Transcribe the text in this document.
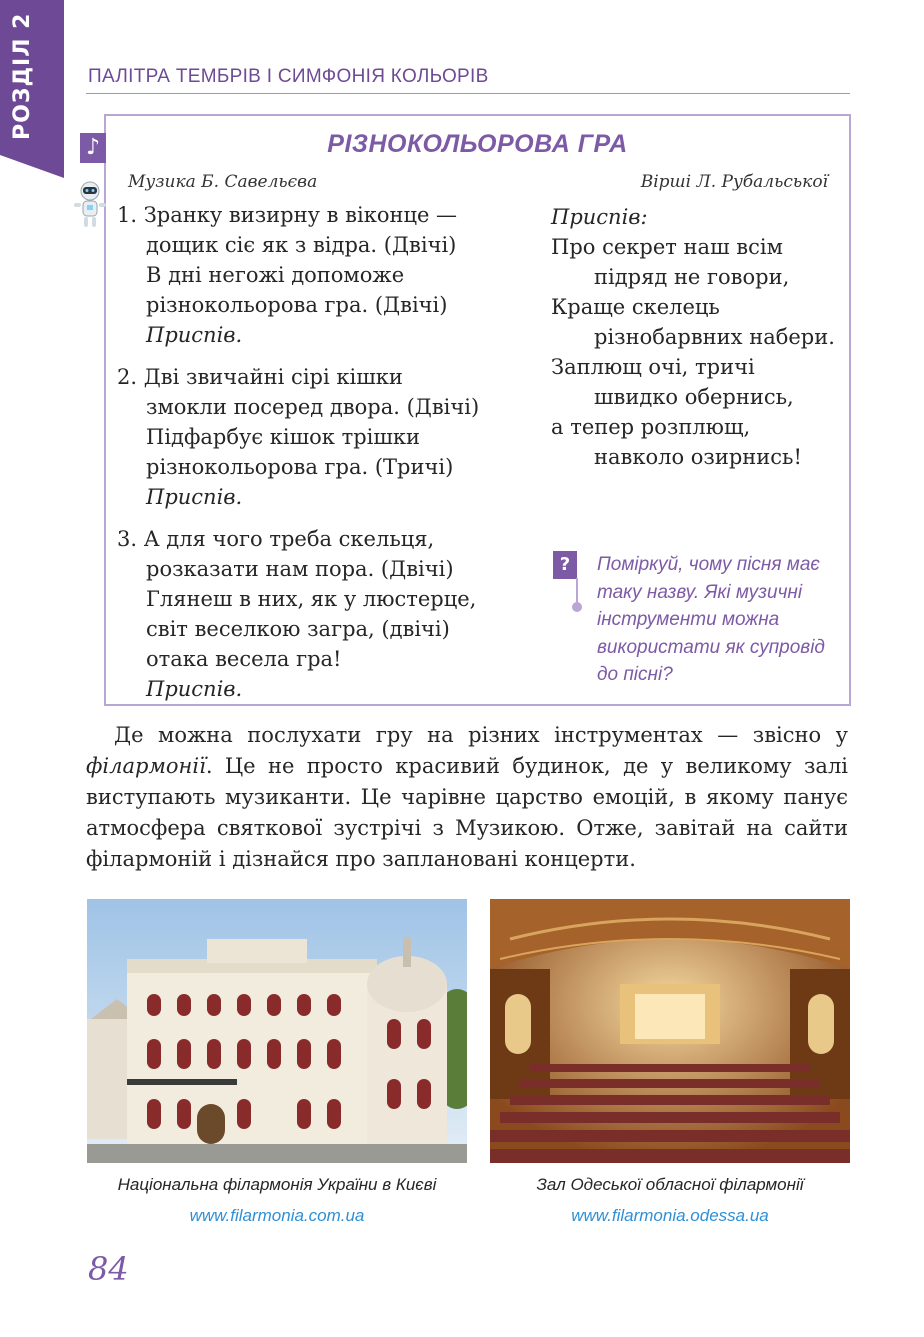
РОЗДІЛ 2	ПАЛІТРА ТЕМБРІВ І СИМФОНІЯ КОЛЬОРІВ
♪	РІЗНОКОЛЬОРОВА ГРА
Музика Б. Савельєва	Вірші Л. Рубальської
1. Зранку визирну в віконце —
дощик сіє як з відра. (Двічі)
В дні негожі допоможе
різнокольорова гра. (Двічі)
Приспів.
2. Дві звичайні сірі кішки
змокли посеред двора. (Двічі)
Підфарбує кішок трішки
різнокольорова гра. (Тричі)
Приспів.
3. А для чого треба скельця,
розказати нам пора. (Двічі)
Глянеш в них, як у люстерце,
світ веселкою загра, (двічі)
отака весела гра!
Приспів.
Приспів:
Про секрет наш всім
підряд не говори,
Краще скелець
різнобарвних набери.
Заплющ очі, тричі
швидко обернись,
а тепер розплющ,
навколо озирнись!
?	Поміркуй, чому пісня має таку назву. Які музичні інструменти можна використати як супровід до пісні?
Де можна послухати гру на різних інструментах — звісно у філармонії. Це не просто красивий будинок, де у великому залі виступають музиканти. Це чарівне царство емоцій, в якому панує атмосфера святкової зустрічі з Музикою. Отже, завітай на сайти філармоній і дізнайся про заплановані концерти.
Національна філармонія України в Києві	Зал Одеської обласної філармонії
www.filarmonia.com.ua	www.filarmonia.odessa.ua
84
